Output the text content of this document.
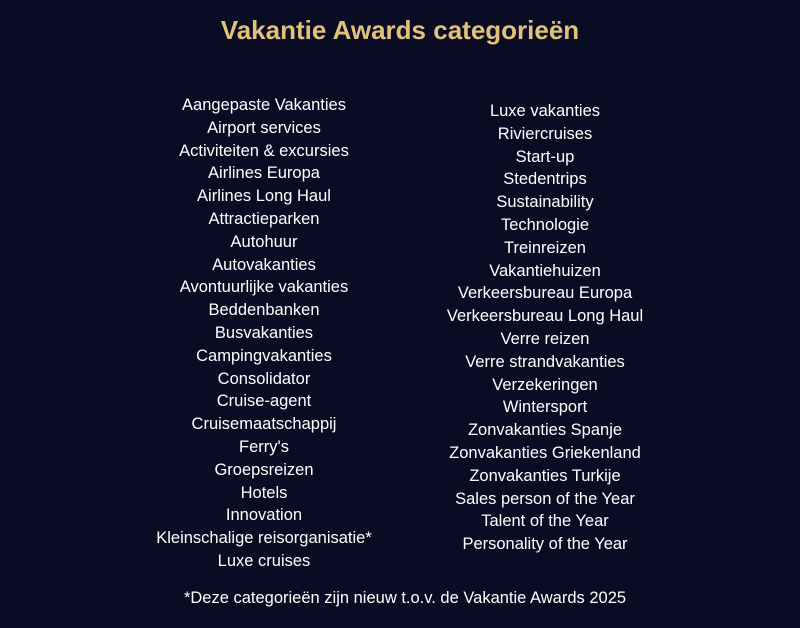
Vakantie Awards categorieën
Aangepaste Vakanties
Airport services
Activiteiten & excursies
Airlines Europa
Airlines Long Haul
Attractieparken
Autohuur
Autovakanties
Avontuurlijke vakanties
Beddenbanken
Busvakanties
Campingvakanties
Consolidator
Cruise-agent
Cruisemaatschappij
Ferry's
Groepsreizen
Hotels
Innovation
Kleinschalige reisorganisatie*
Luxe cruises
Luxe vakanties
Riviercruises
Start-up
Stedentrips
Sustainability
Technologie
Treinreizen
Vakantiehuizen
Verkeersbureau Europa
Verkeersbureau Long Haul
Verre reizen
Verre strandvakanties
Verzekeringen
Wintersport
Zonvakanties Spanje
Zonvakanties Griekenland
Zonvakanties Turkije
Sales person of the Year
Talent of the Year
Personality of the Year

*Deze categorieën zijn nieuw t.o.v. de Vakantie Awards 2025
